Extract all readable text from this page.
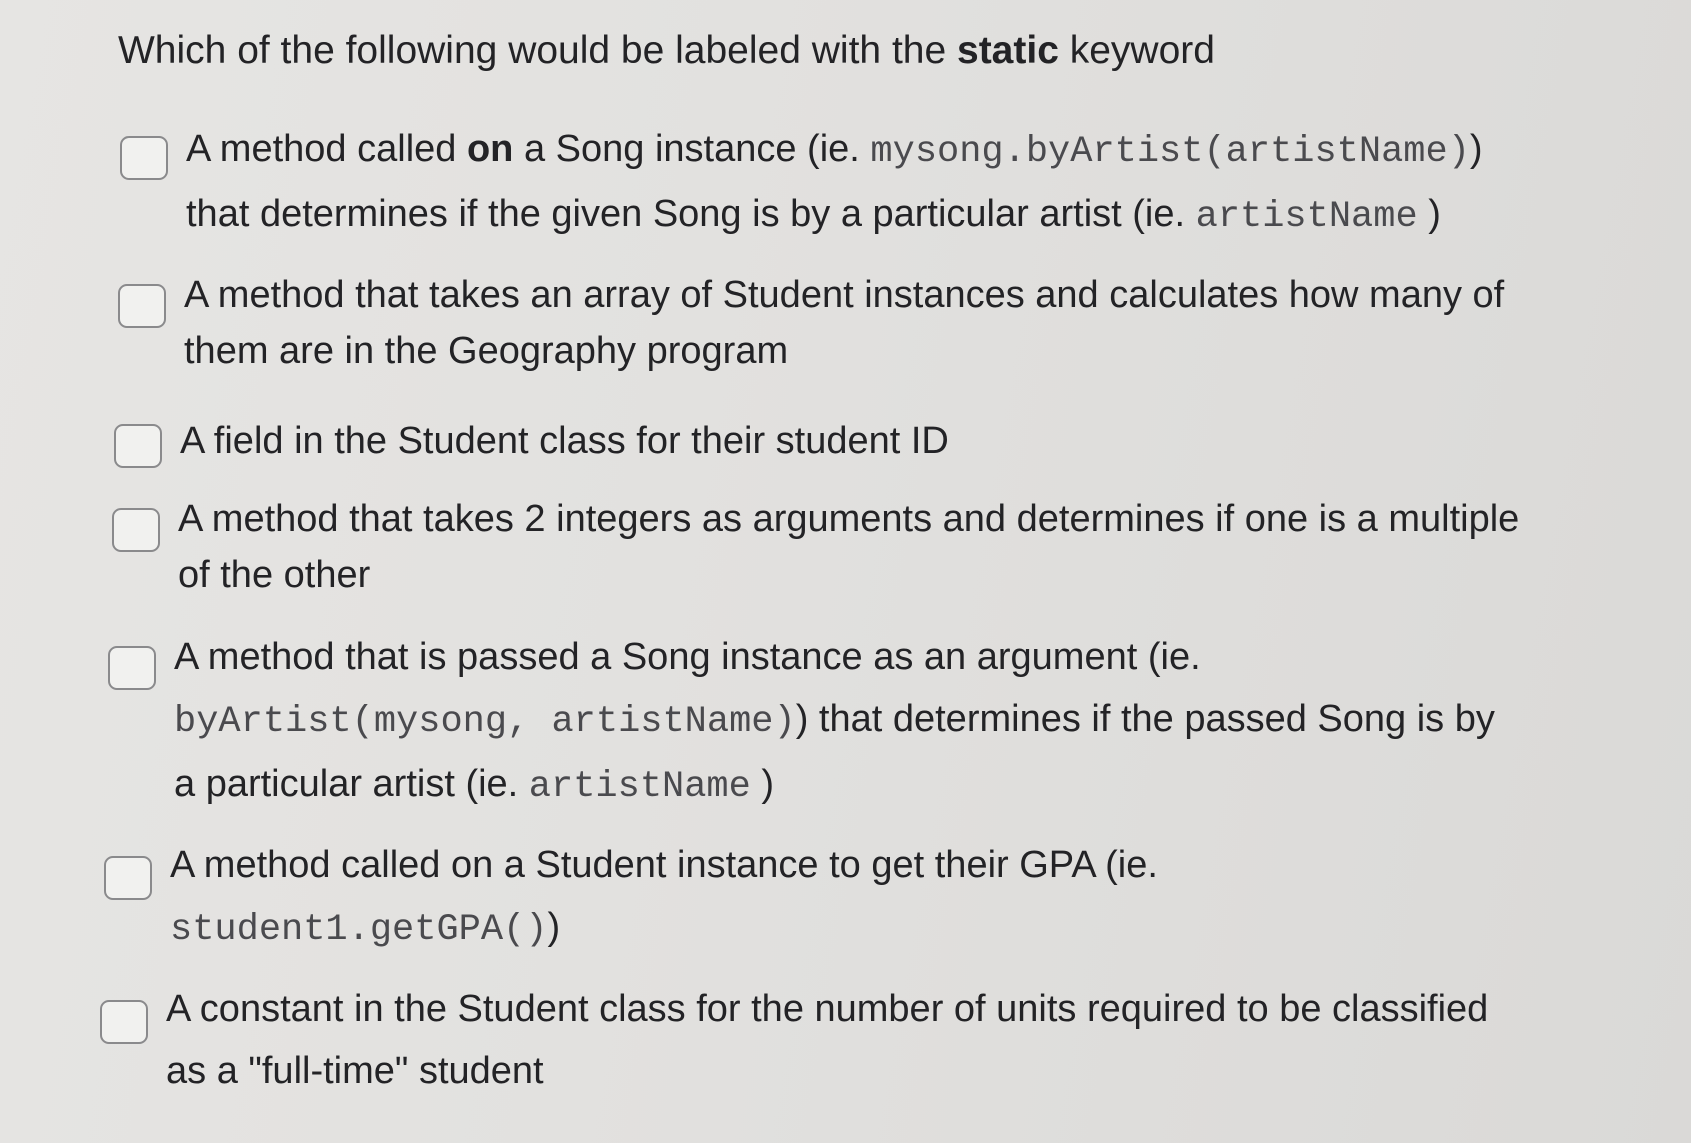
Which of the following would be labeled with the static keyword
A method called on a Song instance (ie. mysong.byArtist(artistName))
that determines if the given Song is by a particular artist (ie. artistName )
A method that takes an array of Student instances and calculates how many of
them are in the Geography program
A field in the Student class for their student ID
A method that takes 2 integers as arguments and determines if one is a multiple
of the other
A method that is passed a Song instance as an argument (ie.
byArtist(mysong, artistName)) that determines if the passed Song is by
a particular artist (ie. artistName )
A method called on a Student instance to get their GPA (ie.
student1.getGPA())
A constant in the Student class for the number of units required to be classified
as a "full-time" student
